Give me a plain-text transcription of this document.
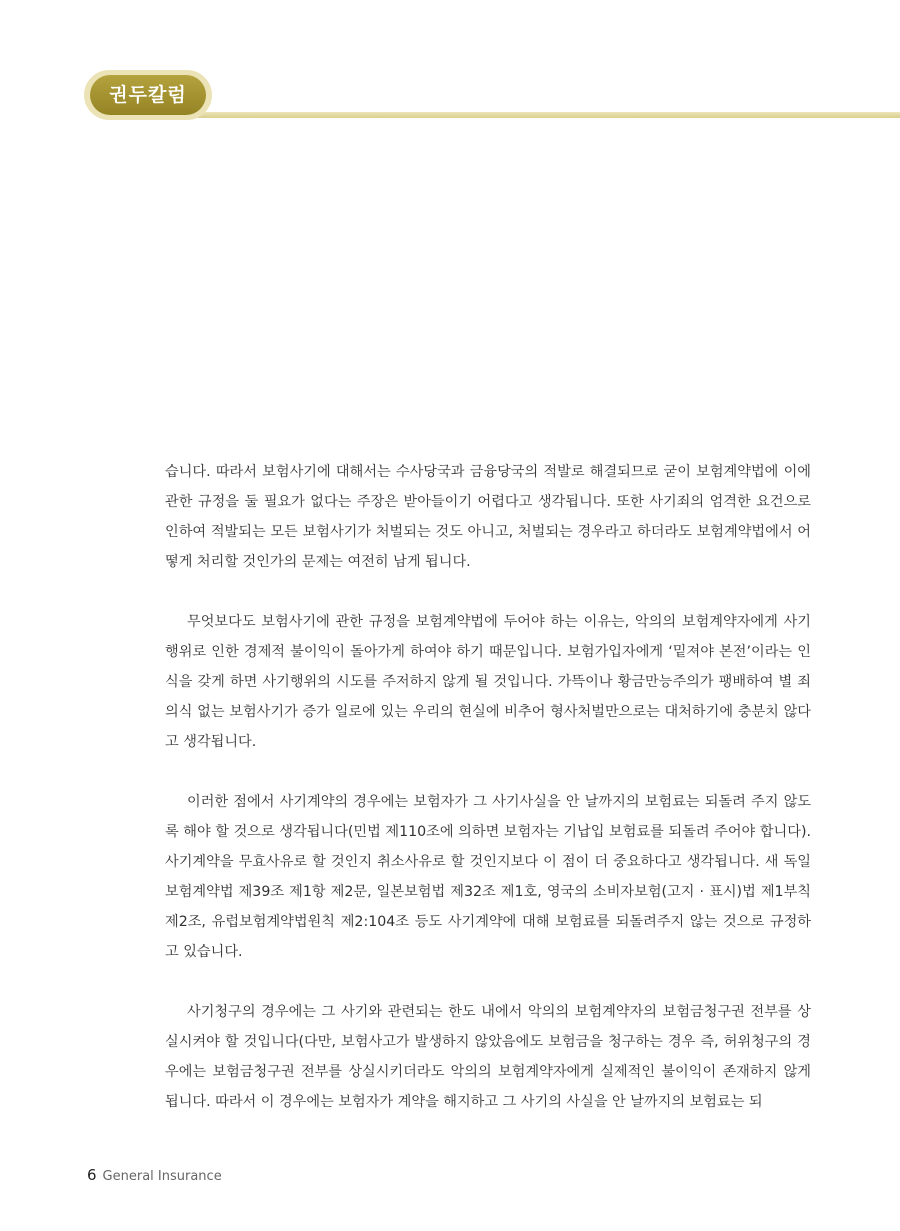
권두칼럼

습니다. 따라서 보험사기에 대해서는 수사당국과 금융당국의 적발로 해결되므로 굳이 보험계약법에 이에 관한 규정을 둘 필요가 없다는 주장은 받아들이기 어렵다고 생각됩니다. 또한 사기죄의 엄격한 요건으로 인하여 적발되는 모든 보험사기가 처벌되는 것도 아니고, 처벌되는 경우라고 하더라도 보험계약법에서 어떻게 처리할 것인가의 문제는 여전히 남게 됩니다.

무엇보다도 보험사기에 관한 규정을 보험계약법에 두어야 하는 이유는, 악의의 보험계약자에게 사기행위로 인한 경제적 불이익이 돌아가게 하여야 하기 때문입니다. 보험가입자에게 ‘밑져야 본전’이라는 인식을 갖게 하면 사기행위의 시도를 주저하지 않게 될 것입니다. 가뜩이나 황금만능주의가 팽배하여 별 죄의식 없는 보험사기가 증가 일로에 있는 우리의 현실에 비추어 형사처벌만으로는 대처하기에 충분치 않다고 생각됩니다.

이러한 점에서 사기계약의 경우에는 보험자가 그 사기사실을 안 날까지의 보험료는 되돌려 주지 않도록 해야 할 것으로 생각됩니다(민법 제110조에 의하면 보험자는 기납입 보험료를 되돌려 주어야 합니다). 사기계약을 무효사유로 할 것인지 취소사유로 할 것인지보다 이 점이 더 중요하다고 생각됩니다. 새 독일보험계약법 제39조 제1항 제2문, 일본보험법 제32조 제1호, 영국의 소비자보험(고지 · 표시)법 제1부칙 제2조, 유럽보험계약법원칙 제2:104조 등도 사기계약에 대해 보험료를 되돌려주지 않는 것으로 규정하고 있습니다.

사기청구의 경우에는 그 사기와 관련되는 한도 내에서 악의의 보험계약자의 보험금청구권 전부를 상실시켜야 할 것입니다(다만, 보험사고가 발생하지 않았음에도 보험금을 청구하는 경우 즉, 허위청구의 경우에는 보험금청구권 전부를 상실시키더라도 악의의 보험계약자에게 실제적인 불이익이 존재하지 않게 됩니다. 따라서 이 경우에는 보험자가 계약을 해지하고 그 사기의 사실을 안 날까지의 보험료는 되

6 General Insurance
